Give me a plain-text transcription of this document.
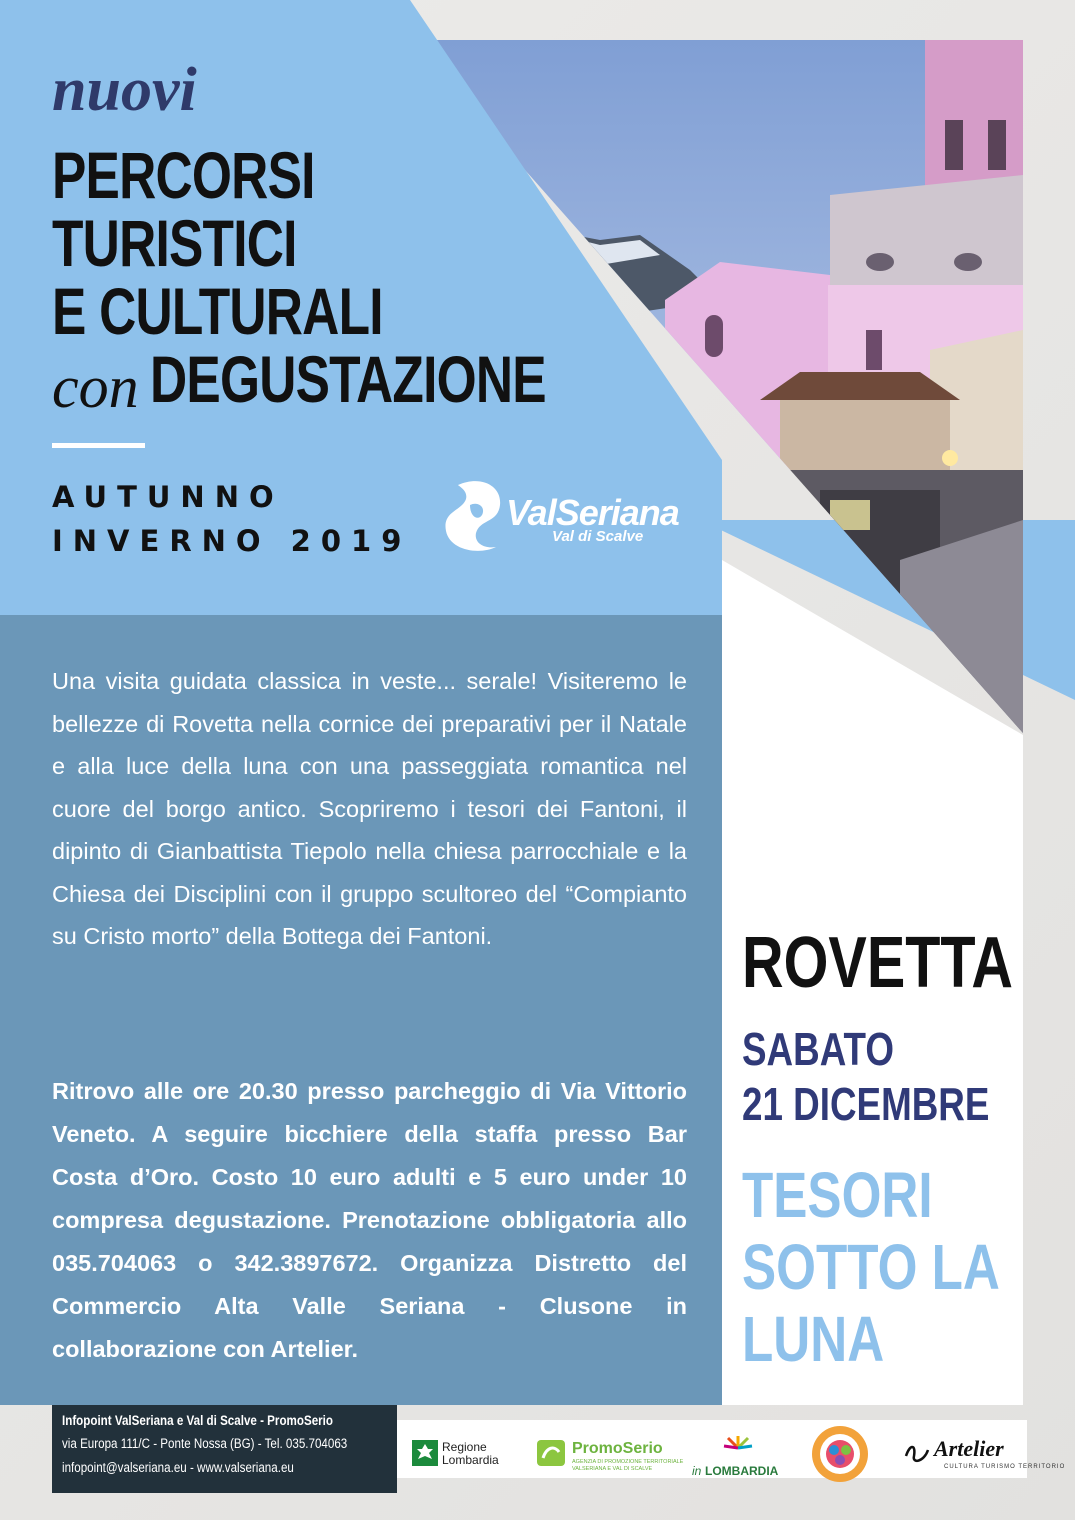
nuovi
PERCORSI
TURISTICI
E CULTURALI
con DEGUSTAZIONE
AUTUNNO
INVERNO 2019
ValSeriana
Val di Scalve
Una visita guidata classica in veste... serale! Visiteremo le bellezze di Rovetta nella cornice dei preparativi per il Natale e alla luce della luna con una passeggiata romantica nel cuore del borgo antico. Scopriremo i tesori dei Fantoni, il dipinto di Gianbattista Tiepolo nella chiesa parrocchiale e la Chiesa dei Disciplini con il gruppo scultoreo del “Compianto su Cristo morto” della Bottega dei Fantoni.
Ritrovo alle ore 20.30 presso parcheggio di Via Vittorio Veneto. A seguire bicchiere della staffa presso Bar Costa d’Oro. Costo 10 euro adulti e 5 euro under 10 compresa degustazione. Prenotazione obbligatoria allo 035.704063 o 342.3897672. Organizza Distretto del Commercio Alta Valle Seriana - Clusone in collaborazione con Artelier.
ROVETTA
SABATO
21 DICEMBRE
TESORI
SOTTO LA
LUNA
Infopoint ValSeriana e Val di Scalve - PromoSerio
via Europa 111/C - Ponte Nossa (BG) - Tel. 035.704063
infopoint@valseriana.eu - www.valseriana.eu
Regione
Lombardia
PromoSerio
AGENZIA DI PROMOZIONE TERRITORIALE
VALSERIANA E VAL DI SCALVE	in LOMBARDIA
Artelier
CULTURA TURISMO TERRITORIO
